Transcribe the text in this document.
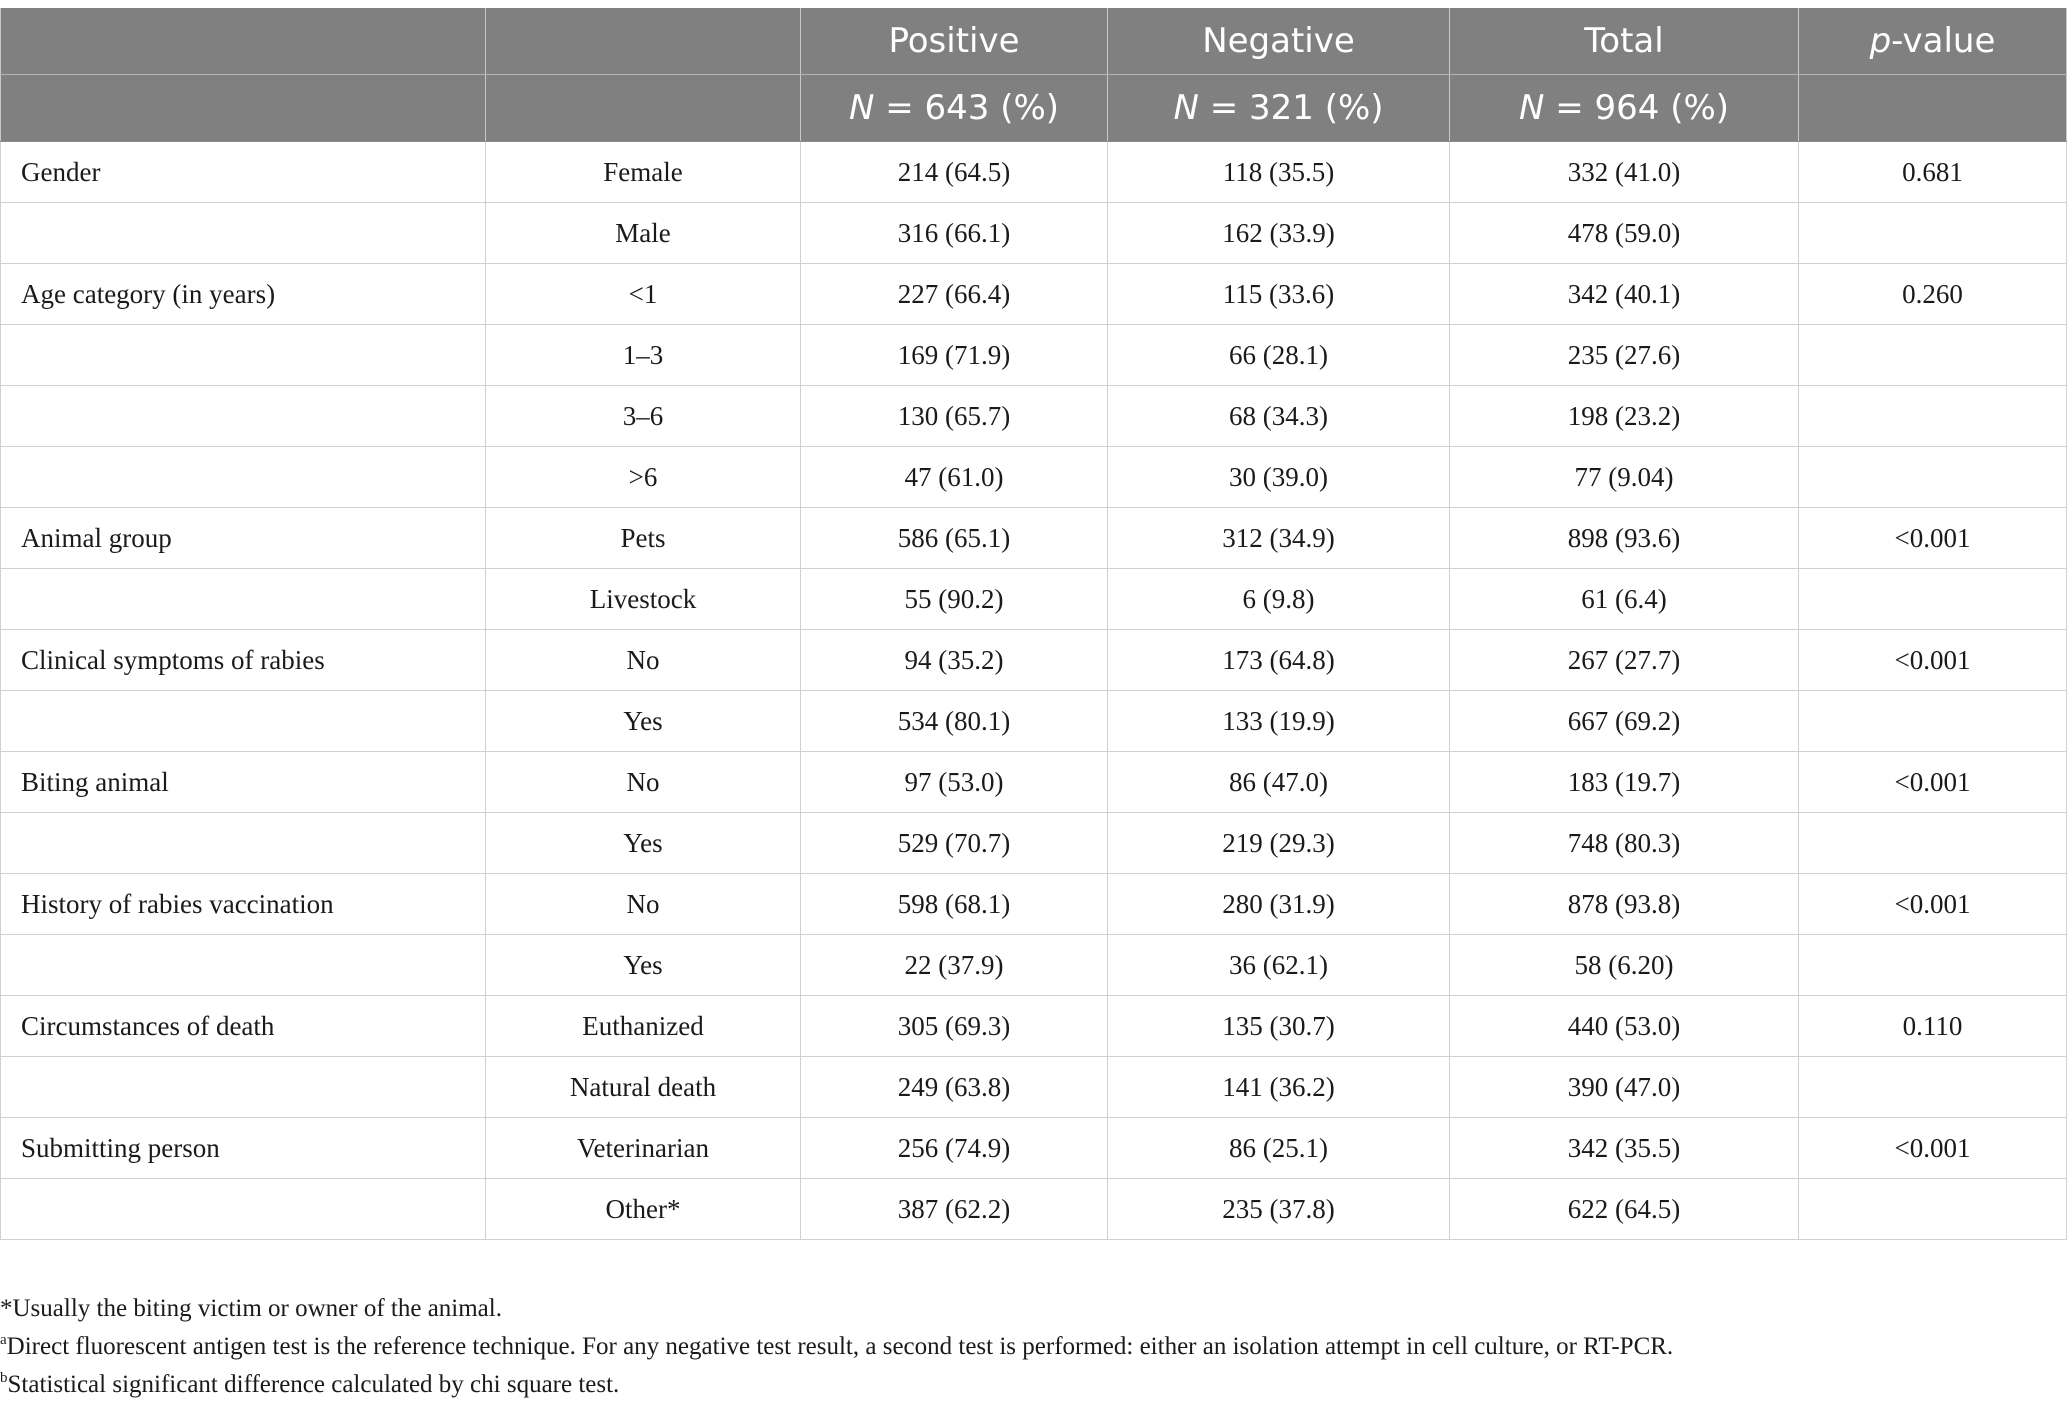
		Positive	Negative	Total	p-value
		N = 643 (%)	N = 321 (%)	N = 964 (%)	
Gender	Female	214 (64.5)	118 (35.5)	332 (41.0)	0.681
	Male	316 (66.1)	162 (33.9)	478 (59.0)	
Age category (in years)	<1	227 (66.4)	115 (33.6)	342 (40.1)	0.260
	1–3	169 (71.9)	66 (28.1)	235 (27.6)	
	3–6	130 (65.7)	68 (34.3)	198 (23.2)	
	>6	47 (61.0)	30 (39.0)	77 (9.04)	
Animal group	Pets	586 (65.1)	312 (34.9)	898 (93.6)	<0.001
	Livestock	55 (90.2)	6 (9.8)	61 (6.4)	
Clinical symptoms of rabies	No	94 (35.2)	173 (64.8)	267 (27.7)	<0.001
	Yes	534 (80.1)	133 (19.9)	667 (69.2)	
Biting animal	No	97 (53.0)	86 (47.0)	183 (19.7)	<0.001
	Yes	529 (70.7)	219 (29.3)	748 (80.3)	
History of rabies vaccination	No	598 (68.1)	280 (31.9)	878 (93.8)	<0.001
	Yes	22 (37.9)	36 (62.1)	58 (6.20)	
Circumstances of death	Euthanized	305 (69.3)	135 (30.7)	440 (53.0)	0.110
	Natural death	249 (63.8)	141 (36.2)	390 (47.0)	
Submitting person	Veterinarian	256 (74.9)	86 (25.1)	342 (35.5)	<0.001
	Other*	387 (62.2)	235 (37.8)	622 (64.5)	

*Usually the biting victim or owner of the animal.

$^a$Direct fluorescent antigen test is the reference technique. For any negative test result, a second test is performed: either an isolation attempt in cell culture, or RT-PCR.

$^b$Statistical significant difference calculated by chi square test.
